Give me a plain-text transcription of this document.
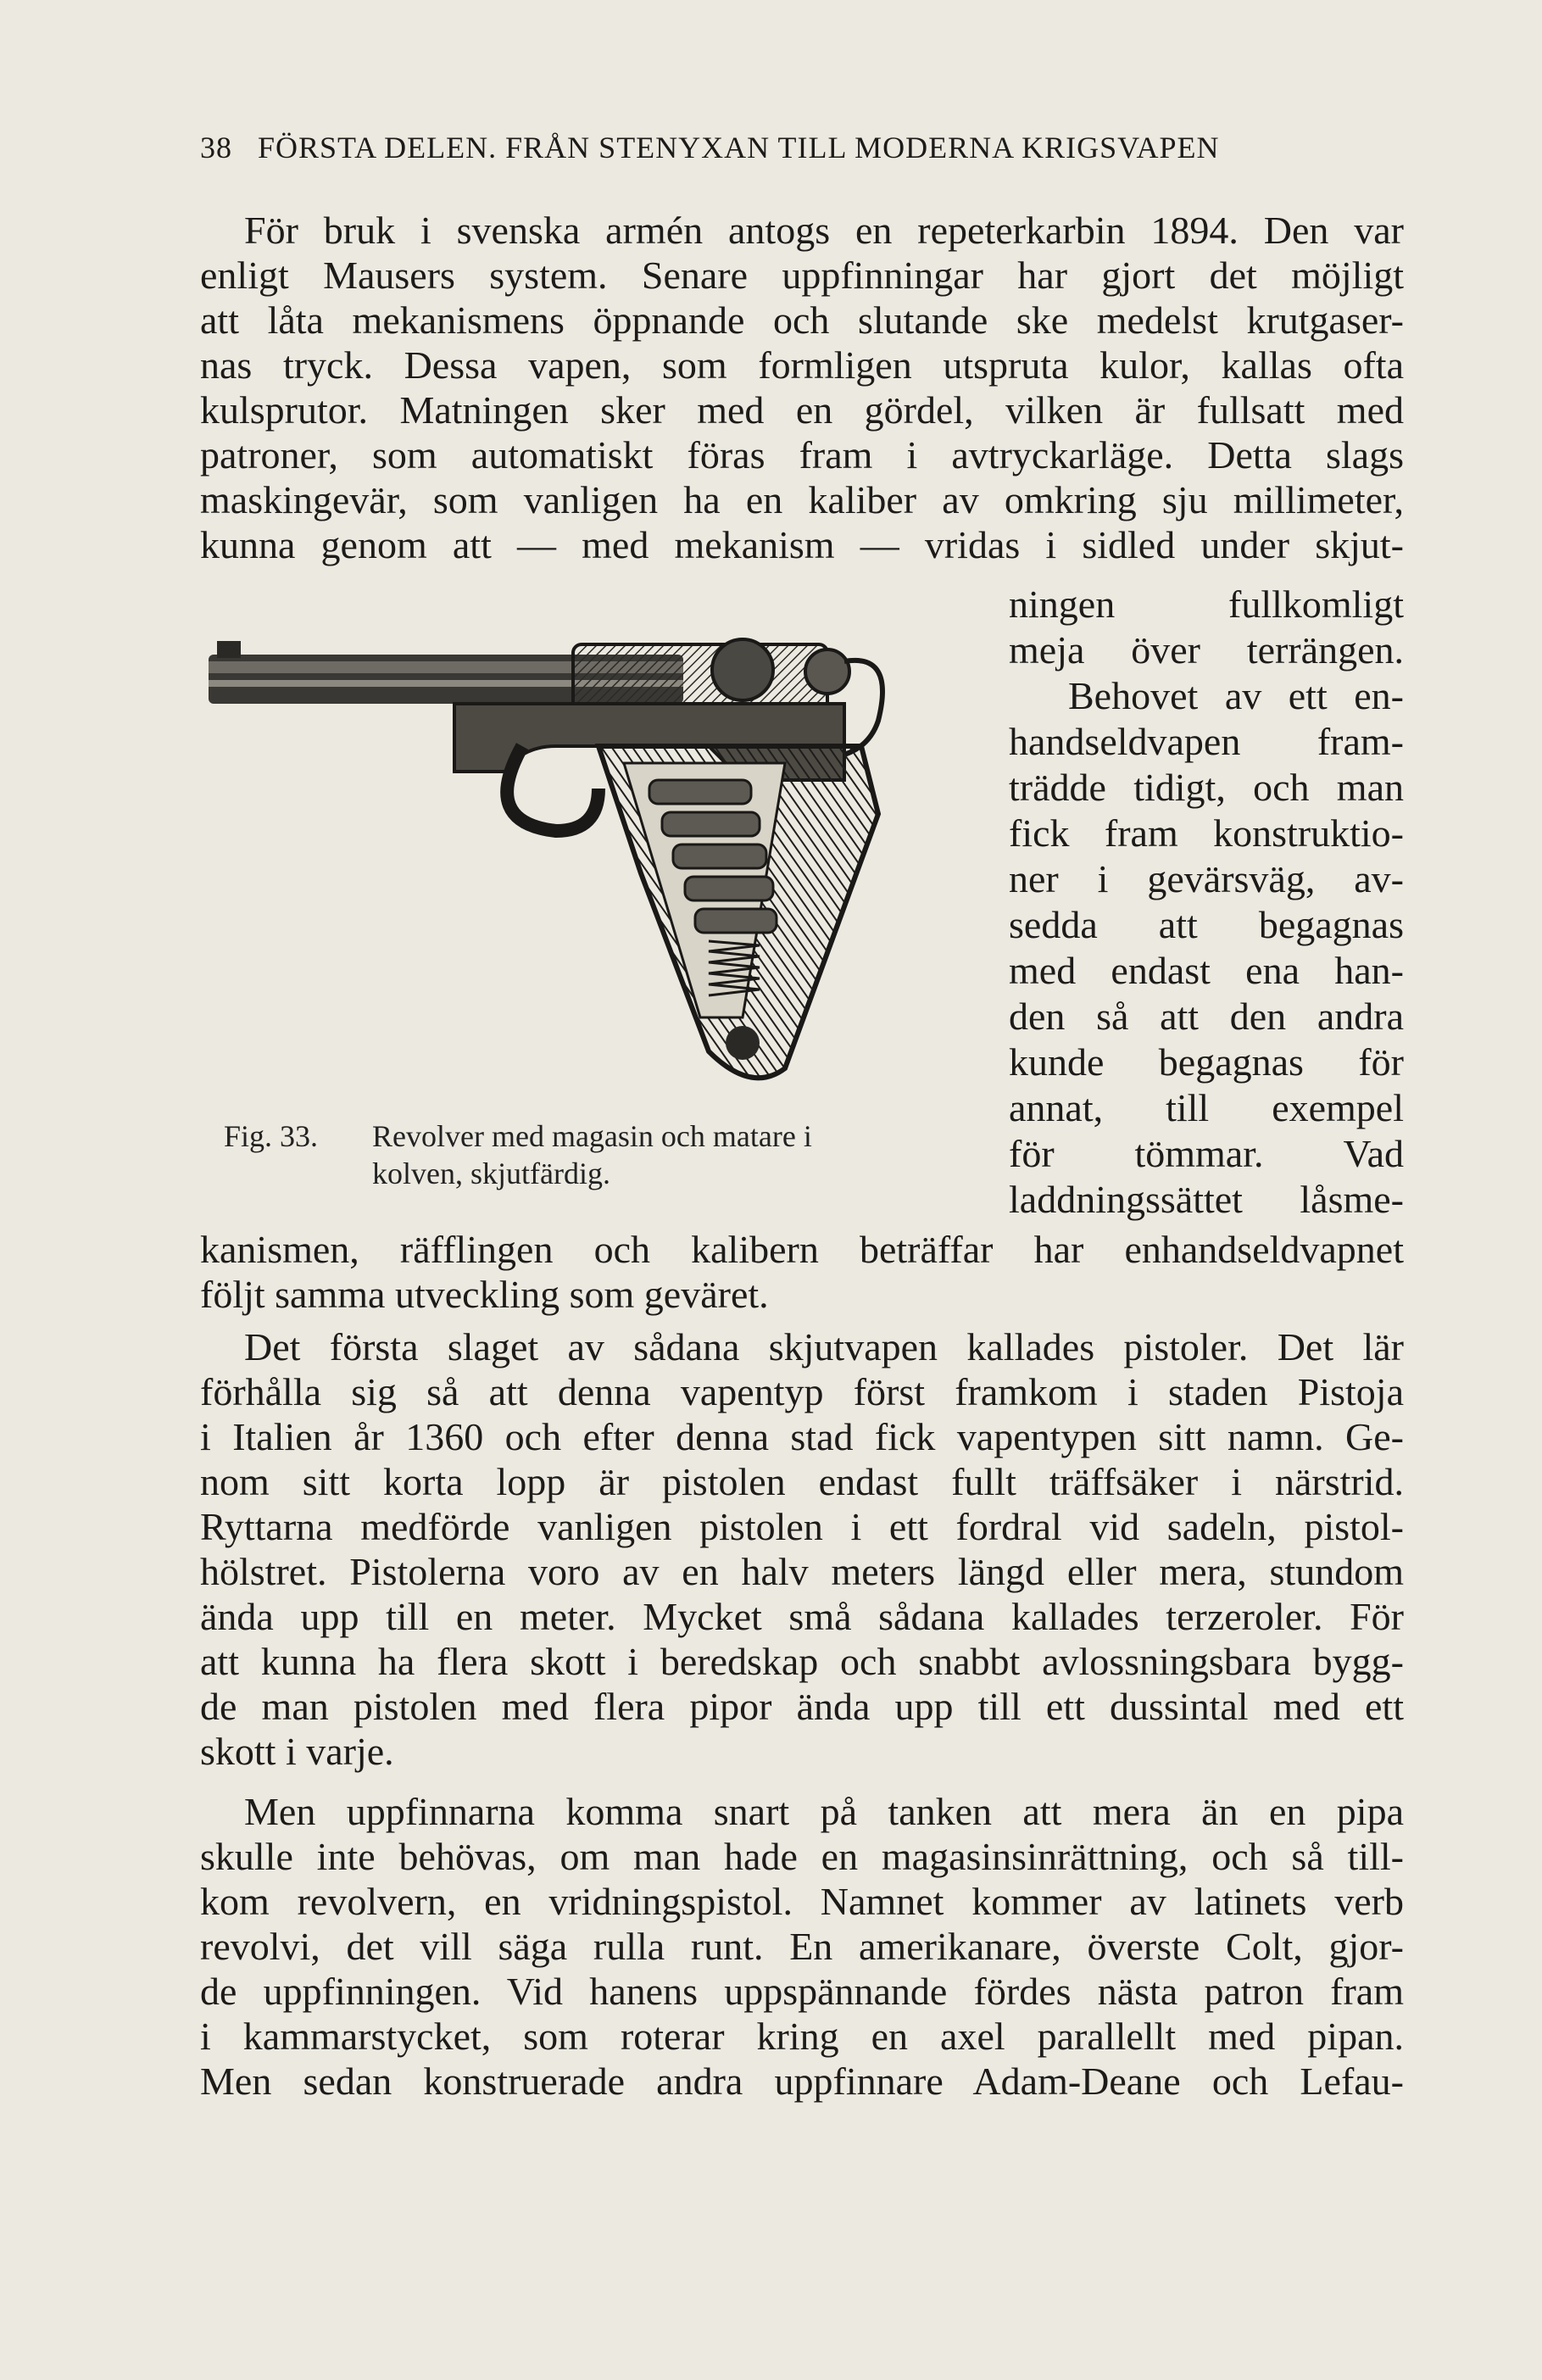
38 FÖRSTA DELEN. FRÅN STENYXAN TILL MODERNA KRIGSVAPEN
För bruk i svenska armén antogs en repeterkarbin 1894. Den var
enligt Mausers system. Senare uppfinningar har gjort det möjligt
att låta mekanismens öppnande och slutande ske medelst krutgaser-
nas tryck. Dessa vapen, som formligen utspruta kulor, kallas ofta
kulsprutor. Matningen sker med en gördel, vilken är fullsatt med
patroner, som automatiskt föras fram i avtryckarläge. Detta slags
maskingevär, som vanligen ha en kaliber av omkring sju millimeter,
kunna genom att — med mekanism — vridas i sidled under skjut-
ningen fullkomligt
meja över terrängen.
Behovet av ett en-
handseldvapen fram-
trädde tidigt, och man
fick fram konstruktio-
ner i gevärsväg, av-
sedda att begagnas
med endast ena han-
den så att den andra
kunde begagnas för
annat, till exempel
för tömmar. Vad
laddningssättet låsme-
Fig. 33. Revolver med magasin och matare i
kolven, skjutfärdig.
kanismen, räfflingen och kalibern beträffar har enhandseldvapnet
följt samma utveckling som geväret.
Det första slaget av sådana skjutvapen kallades pistoler. Det lär
förhålla sig så att denna vapentyp först framkom i staden Pistoja
i Italien år 1360 och efter denna stad fick vapentypen sitt namn. Ge-
nom sitt korta lopp är pistolen endast fullt träffsäker i närstrid.
Ryttarna medförde vanligen pistolen i ett fordral vid sadeln, pistol-
hölstret. Pistolerna voro av en halv meters längd eller mera, stundom
ända upp till en meter. Mycket små sådana kallades terzeroler. För
att kunna ha flera skott i beredskap och snabbt avlossningsbara bygg-
de man pistolen med flera pipor ända upp till ett dussintal med ett
skott i varje.
Men uppfinnarna komma snart på tanken att mera än en pipa
skulle inte behövas, om man hade en magasinsinrättning, och så till-
kom revolvern, en vridningspistol. Namnet kommer av latinets verb
revolvi, det vill säga rulla runt. En amerikanare, överste Colt, gjor-
de uppfinningen. Vid hanens uppspännande fördes nästa patron fram
i kammarstycket, som roterar kring en axel parallellt med pipan.
Men sedan konstruerade andra uppfinnare Adam-Deane och Lefau-
